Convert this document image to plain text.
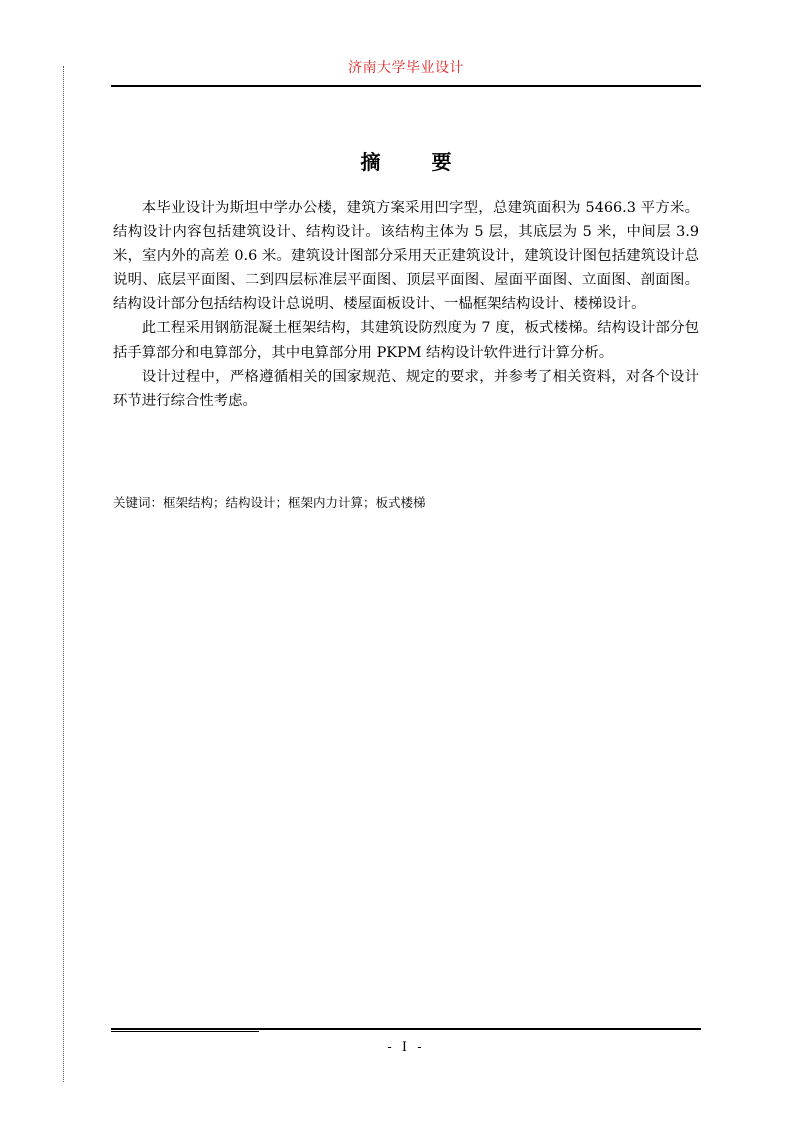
济南大学毕业设计
摘 要

本毕业设计为斯坦中学办公楼，建筑方案采用凹字型，总建筑面积为 5466.3 平方米。结构设计内容包括建筑设计、结构设计。该结构主体为 5 层，其底层为 5 米，中间层 3.9 米，室内外的高差 0.6 米。建筑设计图部分采用天正建筑设计，建筑设计图包括建筑设计总说明、底层平面图、二到四层标准层平面图、顶层平面图、屋面平面图、立面图、剖面图。结构设计部分包括结构设计总说明、楼屋面板设计、一榀框架结构设计、楼梯设计。

此工程采用钢筋混凝土框架结构，其建筑设防烈度为 7 度，板式楼梯。结构设计部分包括手算部分和电算部分，其中电算部分用 PKPM 结构设计软件进行计算分析。

设计过程中，严格遵循相关的国家规范、规定的要求，并参考了相关资料，对各个设计环节进行综合性考虑。

关键词：框架结构；结构设计；框架内力计算；板式楼梯
- I -
